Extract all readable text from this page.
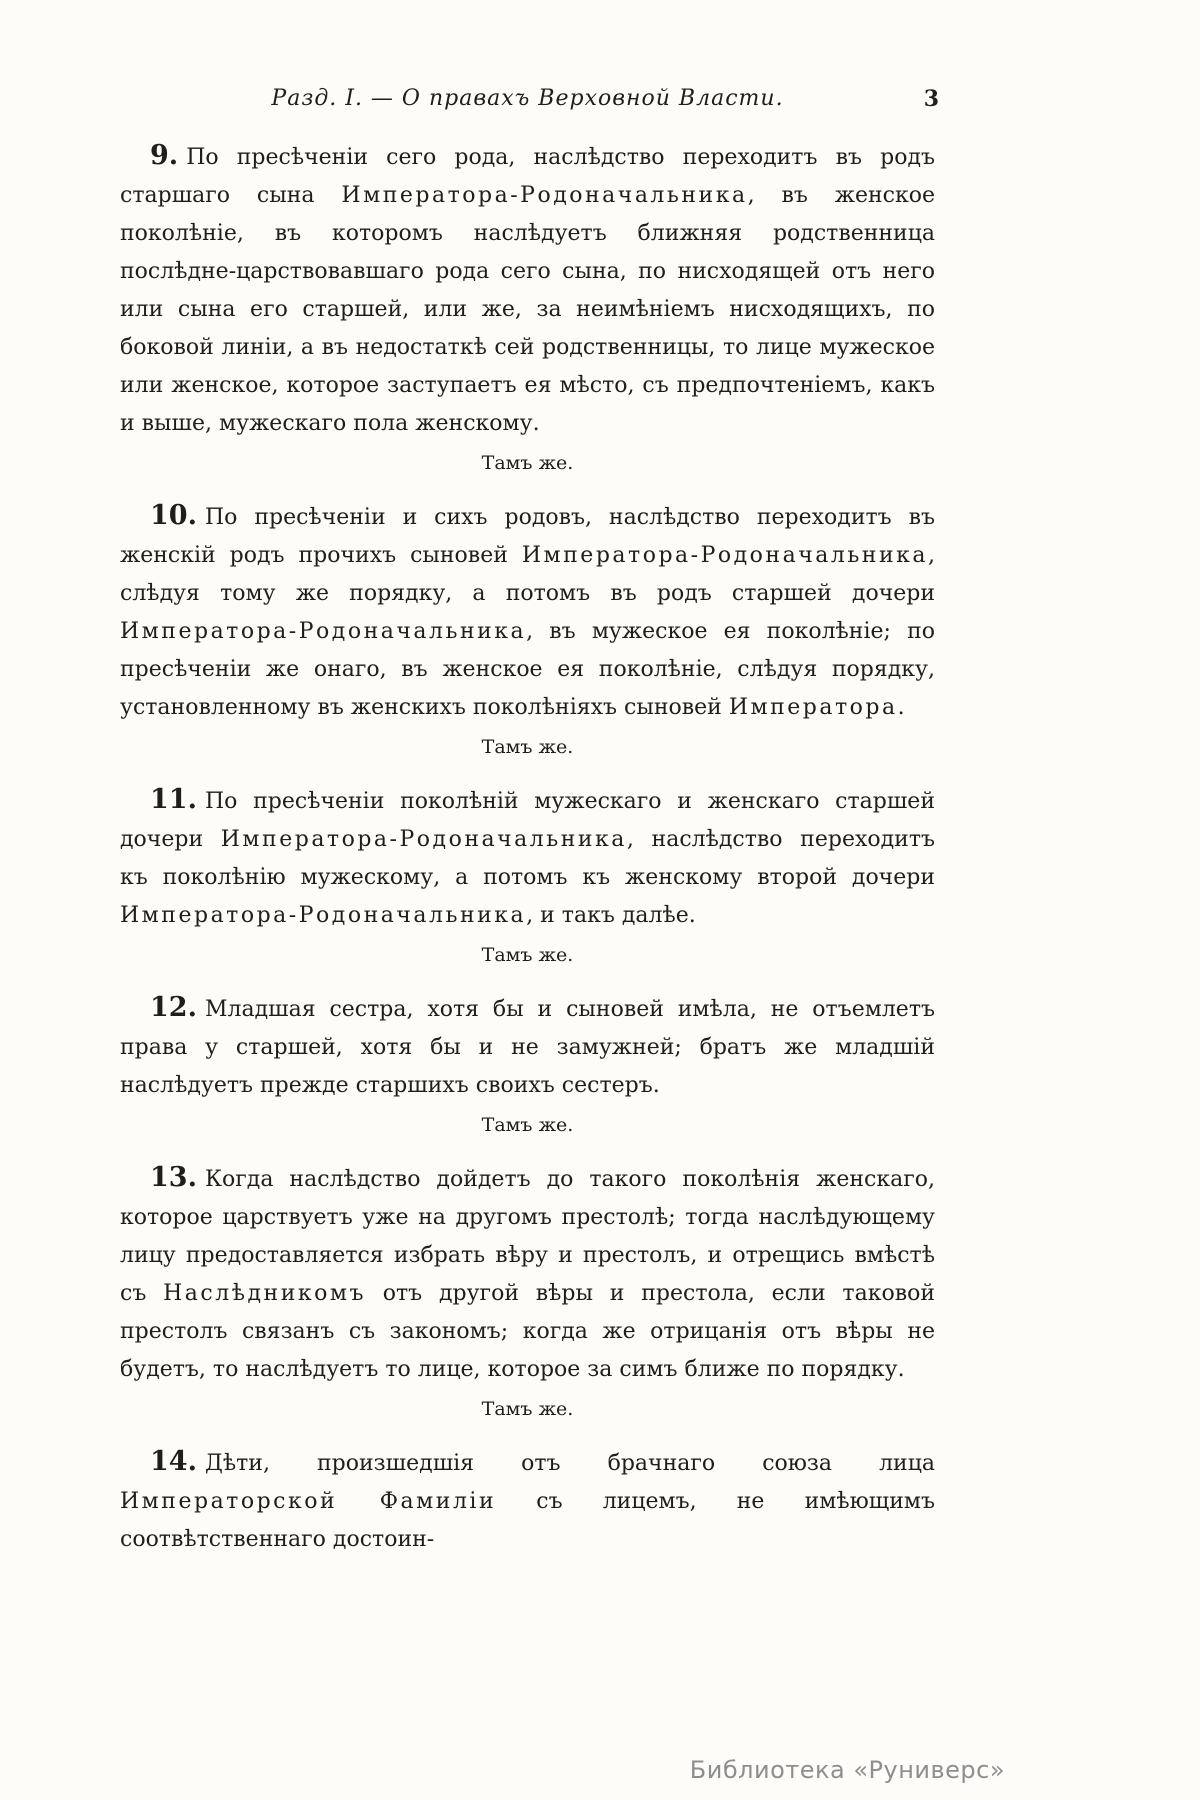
Разд. I. — О правахъ Верховной Власти.	3

9. По пресѣченіи сего рода, наслѣдство переходитъ въ родъ старшаго сына Императора-Родоначальника, въ женское поколѣніе, въ которомъ наслѣдуетъ ближняя родственница послѣдне-царствовавшаго рода сего сына, по нисходящей отъ него или сына его старшей, или же, за неимѣніемъ нисходящихъ, по боковой линіи, а въ недостаткѣ сей родственницы, то лице мужеское или женское, которое заступаетъ ея мѣсто, съ предпочтеніемъ, какъ и выше, мужескаго пола женскому.

Тамъ же.

10. По пресѣченіи и сихъ родовъ, наслѣдство переходитъ въ женскій родъ прочихъ сыновей Императора-Родоначальника, слѣдуя тому же порядку, а потомъ въ родъ старшей дочери Императора-Родоначальника, въ мужеское ея поколѣніе; по пресѣченіи же онаго, въ женское ея поколѣніе, слѣдуя порядку, установленному въ женскихъ поколѣніяхъ сыновей Императора.

Тамъ же.

11. По пресѣченіи поколѣній мужескаго и женскаго старшей дочери Императора-Родоначальника, наслѣдство переходитъ къ поколѣнію мужескому, а потомъ къ женскому второй дочери Императора-Родоначальника, и такъ далѣе.

Тамъ же.

12. Младшая сестра, хотя бы и сыновей имѣла, не отъемлетъ права у старшей, хотя бы и не замужней; братъ же младшій наслѣдуетъ прежде старшихъ своихъ сестеръ.

Тамъ же.

13. Когда наслѣдство дойдетъ до такого поколѣнія женскаго, которое царствуетъ уже на другомъ престолѣ; тогда наслѣдующему лицу предоставляется избрать вѣру и престолъ, и отрещись вмѣстѣ съ Наслѣдникомъ отъ другой вѣры и престола, если таковой престолъ связанъ съ закономъ; когда же отрицанія отъ вѣры не будетъ, то наслѣдуетъ то лице, которое за симъ ближе по порядку.

Тамъ же.

14. Дѣти, произшедшія отъ брачнаго союза лица Императорской Фамиліи съ лицемъ, не имѣющимъ соотвѣтственнаго достоин-

Библиотека «Руниверс»
